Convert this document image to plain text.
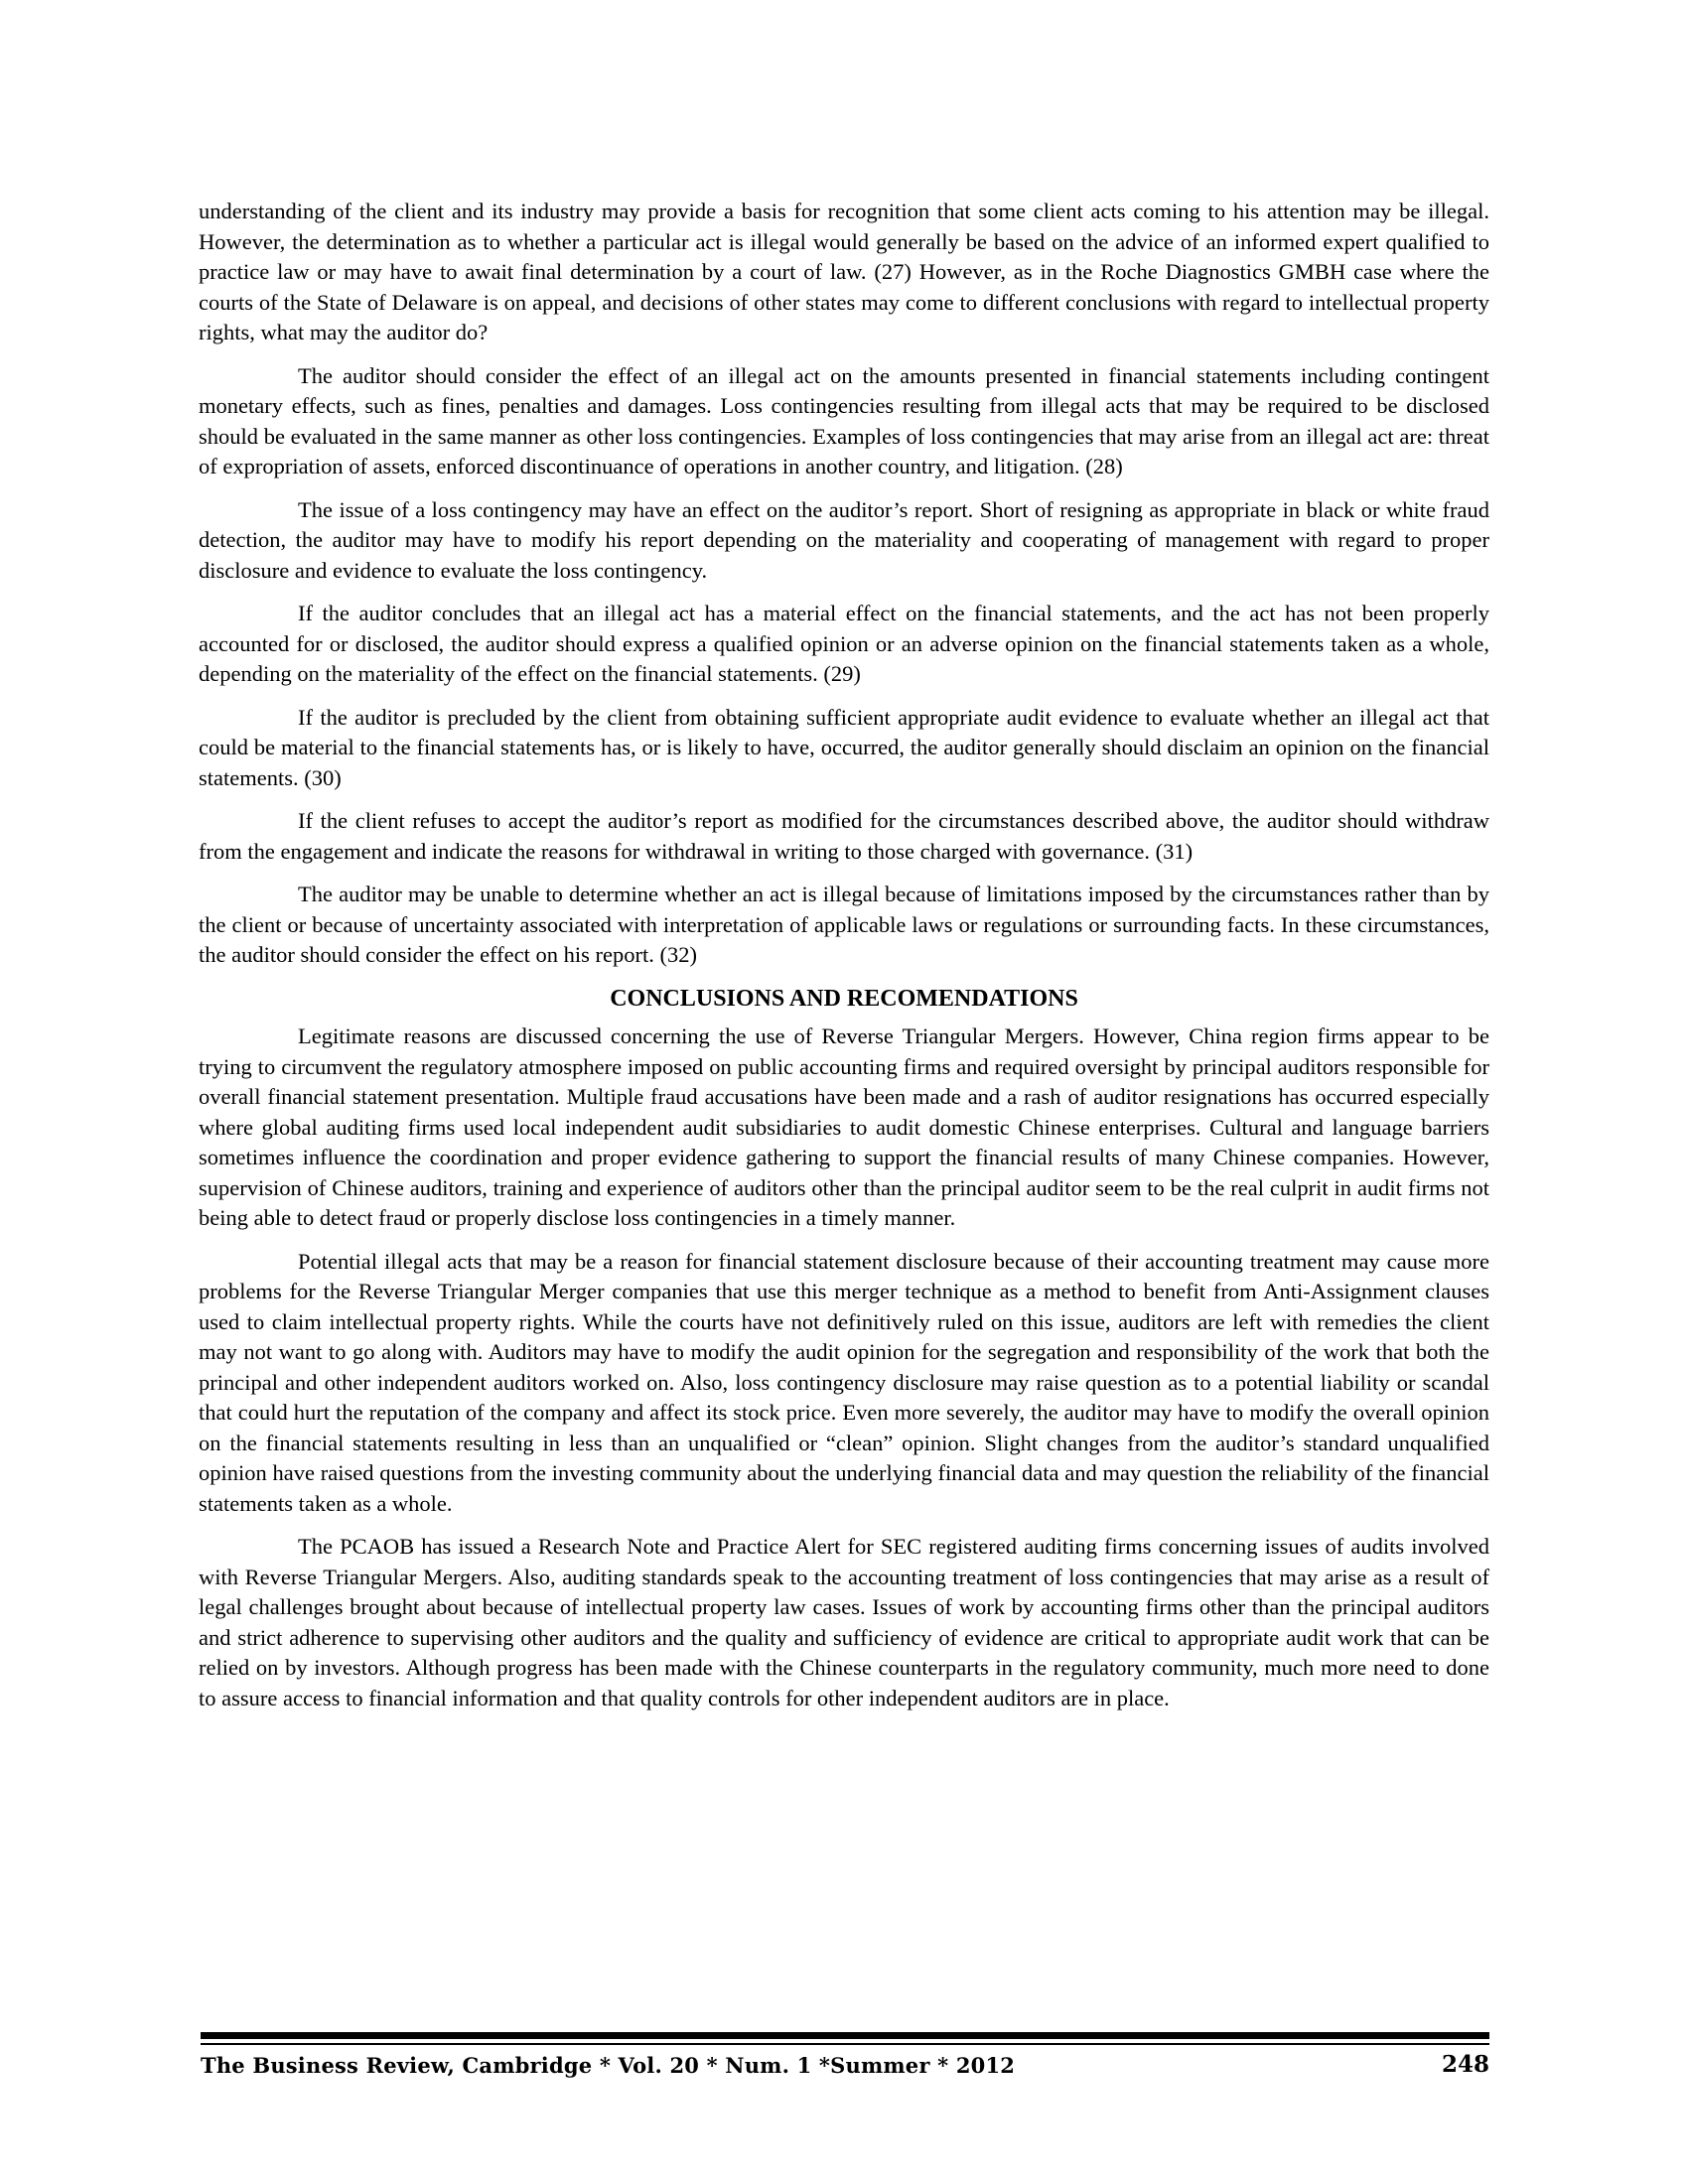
understanding of the client and its industry may provide a basis for recognition that some client acts coming to his attention may be illegal. However, the determination as to whether a particular act is illegal would generally be based on the advice of an informed expert qualified to practice law or may have to await final determination by a court of law. (27) However, as in the Roche Diagnostics GMBH case where the courts of the State of Delaware is on appeal, and decisions of other states may come to different conclusions with regard to intellectual property rights, what may the auditor do?

The auditor should consider the effect of an illegal act on the amounts presented in financial statements including contingent monetary effects, such as fines, penalties and damages. Loss contingencies resulting from illegal acts that may be required to be disclosed should be evaluated in the same manner as other loss contingencies. Examples of loss contingencies that may arise from an illegal act are: threat of expropriation of assets, enforced discontinuance of operations in another country, and litigation. (28)

The issue of a loss contingency may have an effect on the auditor’s report. Short of resigning as appropriate in black or white fraud detection, the auditor may have to modify his report depending on the materiality and cooperating of management with regard to proper disclosure and evidence to evaluate the loss contingency.

If the auditor concludes that an illegal act has a material effect on the financial statements, and the act has not been properly accounted for or disclosed, the auditor should express a qualified opinion or an adverse opinion on the financial statements taken as a whole, depending on the materiality of the effect on the financial statements. (29)

If the auditor is precluded by the client from obtaining sufficient appropriate audit evidence to evaluate whether an illegal act that could be material to the financial statements has, or is likely to have, occurred, the auditor generally should disclaim an opinion on the financial statements. (30)

If the client refuses to accept the auditor’s report as modified for the circumstances described above, the auditor should withdraw from the engagement and indicate the reasons for withdrawal in writing to those charged with governance. (31)

The auditor may be unable to determine whether an act is illegal because of limitations imposed by the circumstances rather than by the client or because of uncertainty associated with interpretation of applicable laws or regulations or surrounding facts. In these circumstances, the auditor should consider the effect on his report. (32)

CONCLUSIONS AND RECOMENDATIONS

Legitimate reasons are discussed concerning the use of Reverse Triangular Mergers. However, China region firms appear to be trying to circumvent the regulatory atmosphere imposed on public accounting firms and required oversight by principal auditors responsible for overall financial statement presentation. Multiple fraud accusations have been made and a rash of auditor resignations has occurred especially where global auditing firms used local independent audit subsidiaries to audit domestic Chinese enterprises. Cultural and language barriers sometimes influence the coordination and proper evidence gathering to support the financial results of many Chinese companies. However, supervision of Chinese auditors, training and experience of auditors other than the principal auditor seem to be the real culprit in audit firms not being able to detect fraud or properly disclose loss contingencies in a timely manner.

Potential illegal acts that may be a reason for financial statement disclosure because of their accounting treatment may cause more problems for the Reverse Triangular Merger companies that use this merger technique as a method to benefit from Anti-Assignment clauses used to claim intellectual property rights. While the courts have not definitively ruled on this issue, auditors are left with remedies the client may not want to go along with. Auditors may have to modify the audit opinion for the segregation and responsibility of the work that both the principal and other independent auditors worked on. Also, loss contingency disclosure may raise question as to a potential liability or scandal that could hurt the reputation of the company and affect its stock price. Even more severely, the auditor may have to modify the overall opinion on the financial statements resulting in less than an unqualified or “clean” opinion. Slight changes from the auditor’s standard unqualified opinion have raised questions from the investing community about the underlying financial data and may question the reliability of the financial statements taken as a whole.

The PCAOB has issued a Research Note and Practice Alert for SEC registered auditing firms concerning issues of audits involved with Reverse Triangular Mergers. Also, auditing standards speak to the accounting treatment of loss contingencies that may arise as a result of legal challenges brought about because of intellectual property law cases. Issues of work by accounting firms other than the principal auditors and strict adherence to supervising other auditors and the quality and sufficiency of evidence are critical to appropriate audit work that can be relied on by investors. Although progress has been made with the Chinese counterparts in the regulatory community, much more need to done to assure access to financial information and that quality controls for other independent auditors are in place.

The Business Review, Cambridge * Vol. 20 * Num. 1 *Summer * 2012	248
